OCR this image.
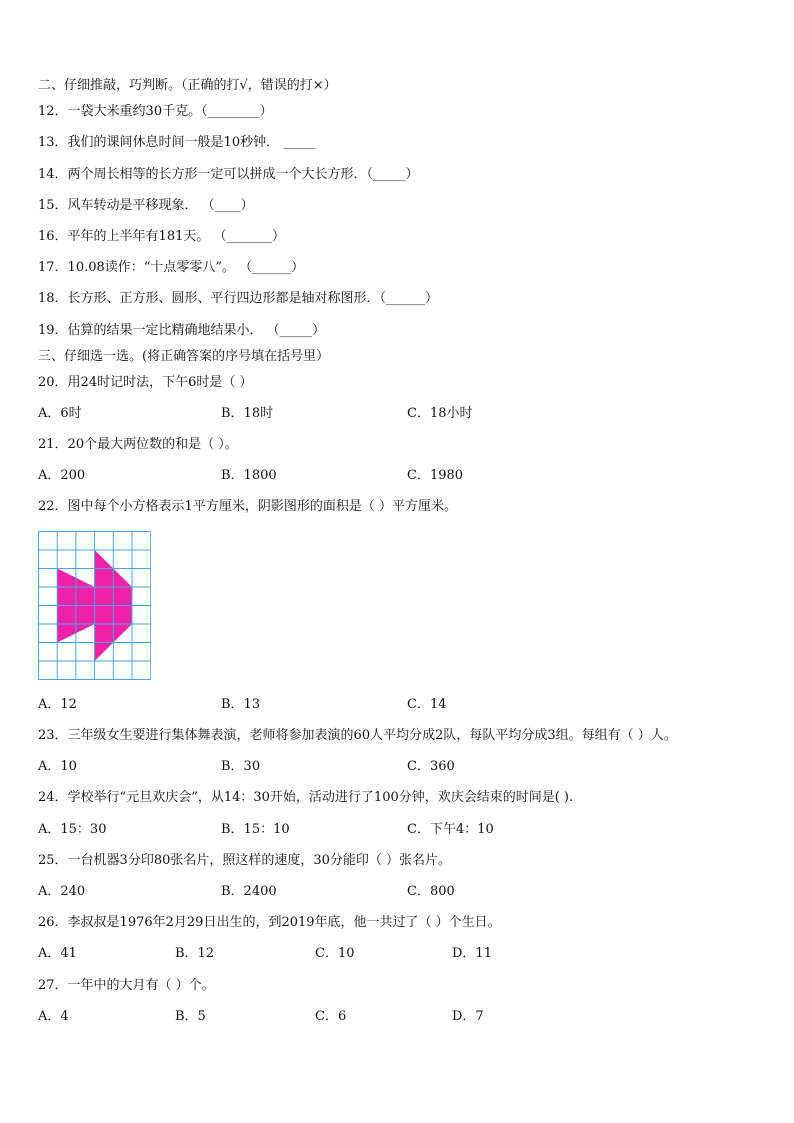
二、仔细推敲，巧判断。（正确的打√，错误的打×）
12．一袋大米重约30千克。（________）
13．我们的课间休息时间一般是10秒钟． _____
14．两个周长相等的长方形一定可以拼成一个大长方形．（_____）
15．风车转动是平移现象． （____）
16．平年的上半年有181天。 （_______）
17．10.08读作：“十点零零八”。 （______）
18．长方形、正方形、圆形、平行四边形都是轴对称图形．（______）
19．估算的结果一定比精确地结果小． （_____）
三、仔细选一选。(将正确答案的序号填在括号里）
20．用24时记时法，下午6时是（ ）
A．6时	B．18时	C．18小时
21．20个最大两位数的和是（ ）。
A．200	B．1800	C．1980
22．图中每个小方格表示1平方厘米，阴影图形的面积是（ ）平方厘米。
A．12	B．13	C．14
23．三年级女生要进行集体舞表演，老师将参加表演的60人平均分成2队，每队平均分成3组。每组有（ ）人。
A．10	B．30	C．360
24．学校举行“元旦欢庆会”，从14：30开始，活动进行了100分钟，欢庆会结束的时间是( ).
A．15：30	B．15：10	C．下午4：10
25．一台机器3分印80张名片，照这样的速度，30分能印（ ）张名片。
A．240	B．2400	C．800
26．李叔叔是1976年2月29日出生的，到2019年底，他一共过了（ ）个生日。
A．41	B．12	C．10	D．11
27．一年中的大月有（ ）个。
A．4	B．5	C．6	D．7
